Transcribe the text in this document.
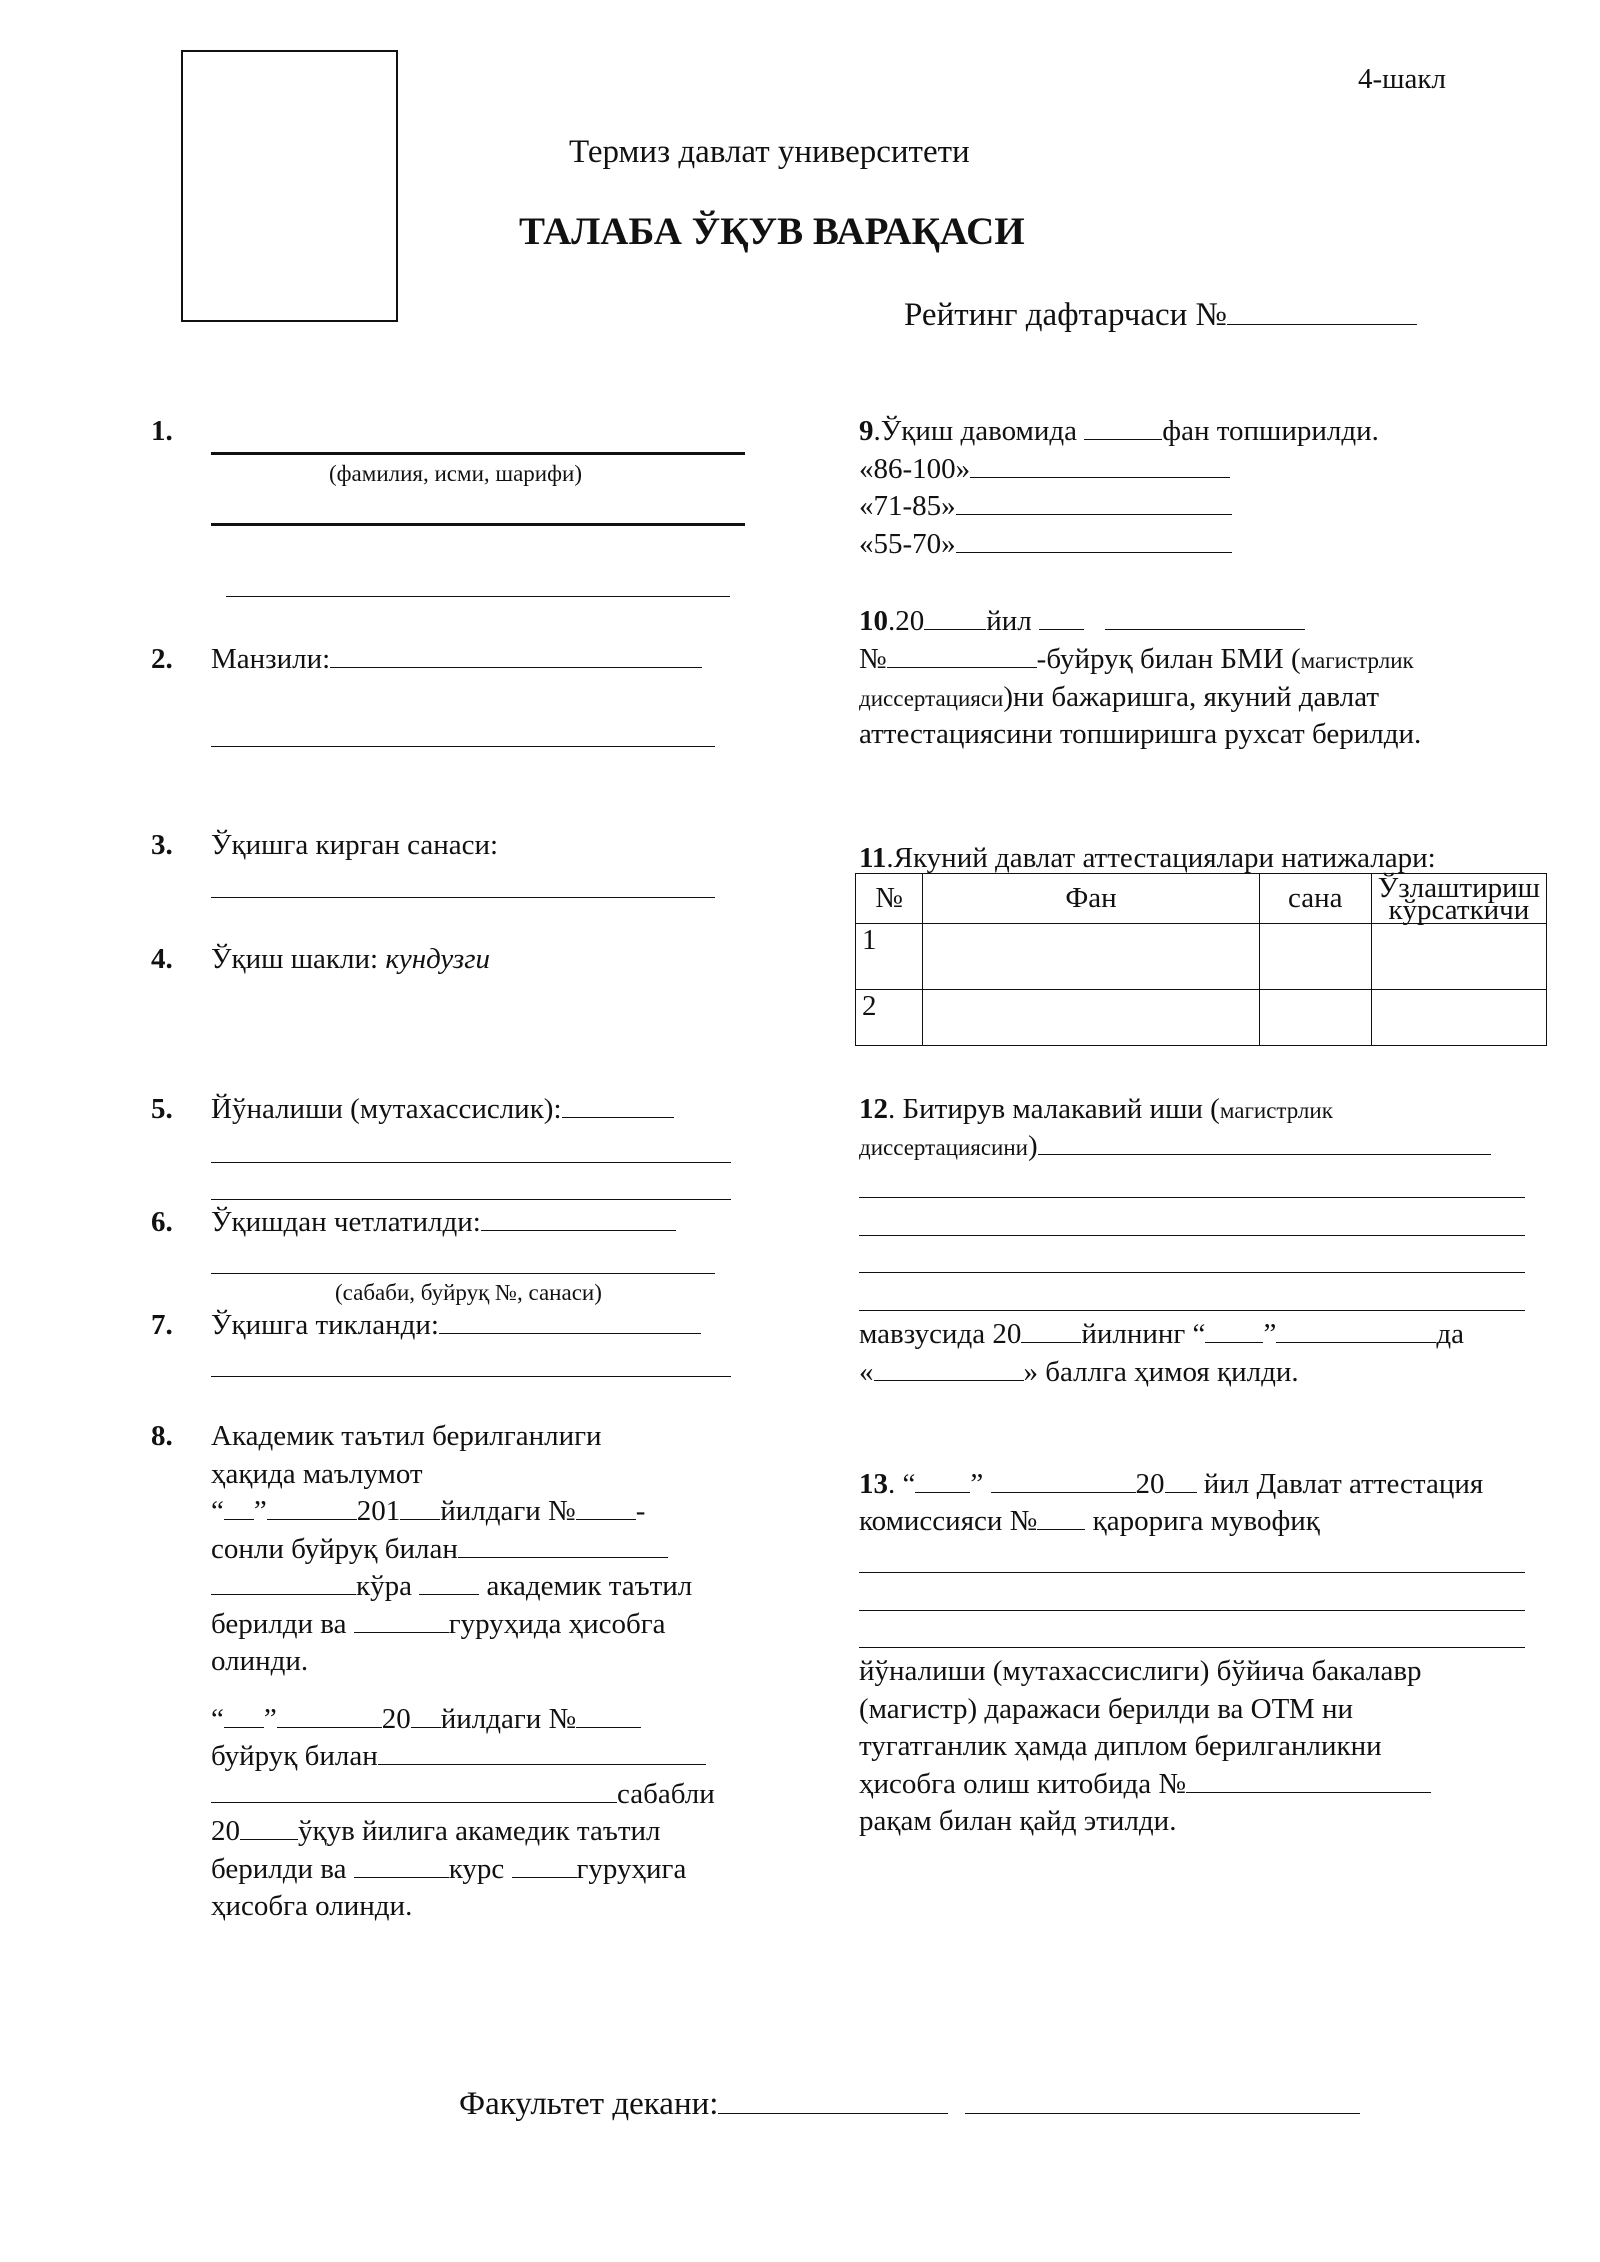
4-шакл
Термиз давлат университети
ТАЛАБА ЎҚУВ ВАРАҚАСИ
Рейтинг дафтарчаси №
1.
(фамилия, исми, шарифи)
2. Манзили:
3. Ўқишга кирган санаси:
4. Ўқиш шакли: кундузги
5. Йўналиши (мутахассислик):
6. Ўқишдан четлатилди:
(сабаби, буйруқ №, санаси)
7. Ўқишга тикланди:
8. Академик таътил берилганлиги
ҳақида маълумот
“ ”	201 йилдаги № -
сонли буйруқ билан
кўра	академик таътил
берилди ва	гуруҳида ҳисобга
олинди.
“ ”	20 йилдаги №
буйруқ билан
сабабли
20 ўқув йилига акамедик таътил
берилди ва	курс гуруҳига
ҳисобга олинди.
9.Ўқиш давомида	фан топширилди.
«86-100»
«71-85»
«55-70»
10.20 йил
№	-буйруқ билан БМИ (магистрлик
диссертацияси)ни бажаришга, якуний давлат
аттестациясини топширишга рухсат берилди.
11.Якуний давлат аттестациялари натижалари:
№	Фан	сана	Ўзлаштириш кўрсаткичи
1			
2			
12. Битирув малакавий иши (магистрлик
диссертациясини)
мавзусида 20 йилнинг “ ”	да
«	» баллга ҳимоя қилди.
13. “ ”	20 йил Давлат аттестация
комиссияси № қарорига мувофиқ
йўналиши (мутахассислиги) бўйича бакалавр
(магистр) даражаси берилди ва ОТМ ни
тугатганлик ҳамда диплом берилганликни
ҳисобга олиш китобида №
рақам билан қайд этилди.
Факультет декани:
